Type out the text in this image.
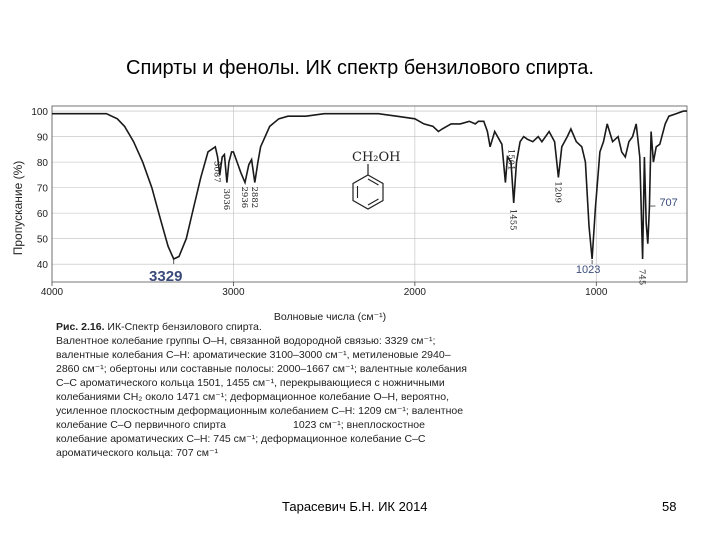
Спирты и фенолы. ИК спектр бензилового спирта.
40
50
60
70
80
90
100
4000	3000	2000	1000
3329
3087
3036 2936 2882
1501
1455
1209
1023	745
707
Пропускание (%)
Волновые числа (см⁻¹)
CH₂OH
Рис. 2.16. ИК-Спектр бензилового спирта.
Валентное колебание группы O–H, связанной водородной связью: 3329 см⁻¹;
валентные колебания C–H: ароматические 3100–3000 см⁻¹, метиленовые 2940–
2860 см⁻¹; обертоны или составные полосы: 2000–1667 см⁻¹; валентные колебания
C–C ароматического кольца 1501, 1455 см⁻¹, перекрывающиеся с ножничными
колебаниями CH₂ около 1471 см⁻¹; деформационное колебание O–H, вероятно,
усиленное плоскостным деформационным колебанием C–H: 1209 см⁻¹; валентное
колебание C–O первичного спирта                       1023 см⁻¹; внеплоскостное
колебание ароматических C–H: 745 см⁻¹; деформационное колебание C–C
ароматического кольца: 707 см⁻¹
Тарасевич Б.Н. ИК 2014	58
